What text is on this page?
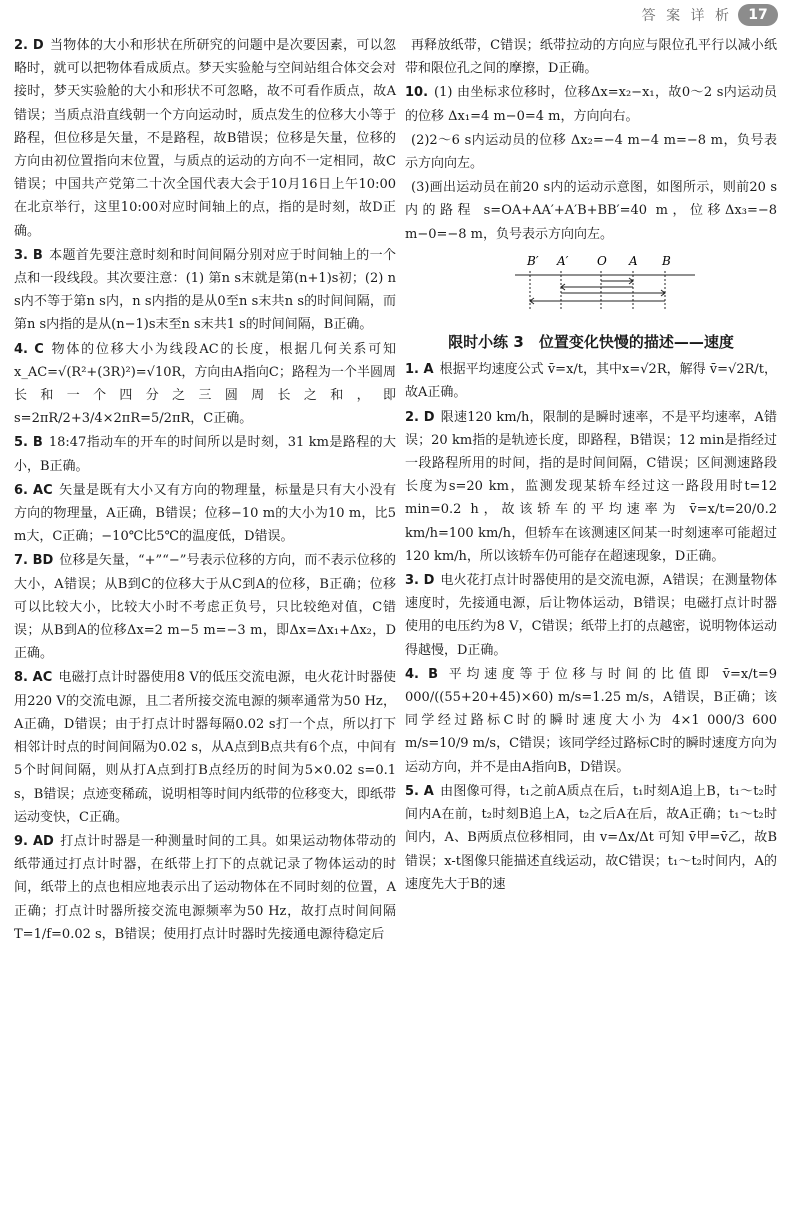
答 案 详 析	17

2. D 当物体的大小和形状在所研究的问题中是次要因素，可以忽略时，就可以把物体看成质点。梦天实验舱与空间站组合体交会对接时，梦天实验舱的大小和形状不可忽略，故不可看作质点，故A错误；当质点沿直线朝一个方向运动时，质点发生的位移大小等于路程，但位移是矢量，不是路程，故B错误；位移是矢量，位移的方向由初位置指向末位置，与质点的运动的方向不一定相同，故C错误；中国共产党第二十次全国代表大会于10月16日上午10:00在北京举行，这里10:00对应时间轴上的点，指的是时刻，故D正确。

3. B 本题首先要注意时刻和时间间隔分别对应于时间轴上的一个点和一段线段。其次要注意：(1) 第n s末就是第(n+1)s初；(2) n s内不等于第n s内，n s内指的是从0至n s末共n s的时间间隔，而第n s内指的是从(n−1)s末至n s末共1 s的时间间隔，B正确。

4. C 物体的位移大小为线段AC的长度，根据几何关系可知x_AC=√(R²+(3R)²)=√10R，方向由A指向C；路程为一个半圆周长和一个四分之三圆周长之和，即 s=2πR/2+3/4×2πR=5/2πR，C正确。

5. B 18:47指动车的开车的时间所以是时刻，31 km是路程的大小，B正确。

6. AC 矢量是既有大小又有方向的物理量，标量是只有大小没有方向的物理量，A正确，B错误；位移−10 m的大小为10 m，比5 m大，C正确；−10℃比5℃的温度低，D错误。

7. BD 位移是矢量，“+”“−”号表示位移的方向，而不表示位移的大小，A错误；从B到C的位移大于从C到A的位移，B正确；位移可以比较大小，比较大小时不考虑正负号，只比较绝对值，C错误；从B到A的位移Δx=2 m−5 m=−3 m，即Δx=Δx₁+Δx₂，D正确。

8. AC 电磁打点计时器使用8 V的低压交流电源，电火花计时器使用220 V的交流电源，且二者所接交流电源的频率通常为50 Hz，A正确，D错误；由于打点计时器每隔0.02 s打一个点，所以打下相邻计时点的时间间隔为0.02 s，从A点到B点共有6个点，中间有5个时间间隔，则从打A点到打B点经历的时间为5×0.02 s=0.1 s，B错误；点迹变稀疏，说明相等时间内纸带的位移变大，即纸带运动变快，C正确。

9. AD 打点计时器是一种测量时间的工具。如果运动物体带动的纸带通过打点计时器，在纸带上打下的点就记录了物体运动的时间，纸带上的点也相应地表示出了运动物体在不同时刻的位置，A正确；打点计时器所接交流电源频率为50 Hz，故打点时间间隔T=1/f=0.02 s，B错误；使用打点计时器时先接通电源待稳定后

再释放纸带，C错误；纸带拉动的方向应与限位孔平行以减小纸带和限位孔之间的摩擦，D正确。

10. (1) 由坐标求位移时，位移Δx=x₂−x₁，故0～2 s内运动员的位移 Δx₁=4 m−0=4 m，方向向右。

(2)2～6 s内运动员的位移 Δx₂=−4 m−4 m=−8 m，负号表示方向向左。

(3)画出运动员在前20 s内的运动示意图，如图所示，则前20 s内的路程 s=OA+AA′+A′B+BB′=40 m，位移Δx₃=−8 m−0=−8 m，负号表示方向向左。

B′ A′ O A B
限时小练 3　位置变化快慢的描述——速度

1. A 根据平均速度公式 v̄=x/t，其中x=√2R，解得 v̄=√2R/t，故A正确。

2. D 限速120 km/h，限制的是瞬时速率，不是平均速率，A错误；20 km指的是轨迹长度，即路程，B错误；12 min是指经过一段路程所用的时间，指的是时间间隔，C错误；区间测速路段长度为s=20 km，监测发现某轿车经过这一路段用时t=12 min=0.2 h，故该轿车的平均速率为 v̄=x/t=20/0.2 km/h=100 km/h，但轿车在该测速区间某一时刻速率可能超过120 km/h，所以该轿车仍可能存在超速现象，D正确。

3. D 电火花打点计时器使用的是交流电源，A错误；在测量物体速度时，先接通电源，后让物体运动，B错误；电磁打点计时器使用的电压约为8 V，C错误；纸带上打的点越密，说明物体运动得越慢，D正确。

4. B 平均速度等于位移与时间的比值即 v̄=x/t=9 000/((55+20+45)×60) m/s=1.25 m/s，A错误，B正确；该同学经过路标C时的瞬时速度大小为 4×1 000/3 600 m/s=10/9 m/s，C错误；该同学经过路标C时的瞬时速度方向为运动方向，并不是由A指向B，D错误。

5. A 由图像可得，t₁之前A质点在后，t₁时刻A追上B，t₁～t₂时间内A在前，t₂时刻B追上A，t₂之后A在后，故A正确；t₁～t₂时间内，A、B两质点位移相同，由 v=Δx/Δt 可知 v̄甲=v̄乙，故B错误；x-t图像只能描述直线运动，故C错误；t₁～t₂时间内，A的速度先大于B的速
